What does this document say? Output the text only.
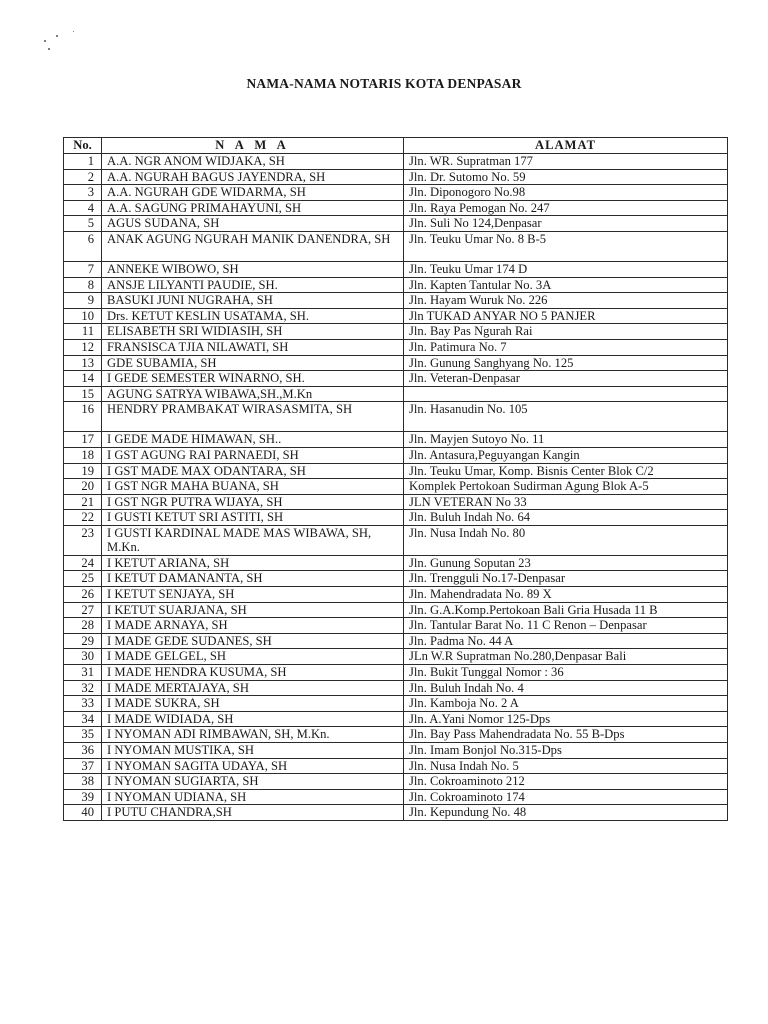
NAMA-NAMA NOTARIS KOTA DENPASAR
No.	N A M A	ALAMAT
1	A.A. NGR ANOM WIDJAKA, SH	Jln. WR. Supratman 177
2	A.A. NGURAH BAGUS JAYENDRA, SH	Jln. Dr. Sutomo No. 59
3	A.A. NGURAH GDE WIDARMA, SH	Jln. Diponogoro No.98
4	A.A. SAGUNG PRIMAHAYUNI, SH	Jln. Raya Pemogan No. 247
5	AGUS SUDANA, SH	Jln. Suli No 124,Denpasar
6	ANAK AGUNG NGURAH MANIK DANENDRA, SH	Jln. Teuku Umar No. 8 B-5
7	ANNEKE WIBOWO, SH	Jln. Teuku Umar 174 D
8	ANSJE LILYANTI PAUDIE, SH.	Jln. Kapten Tantular No. 3A
9	BASUKI JUNI NUGRAHA, SH	Jln. Hayam Wuruk No. 226
10	Drs. KETUT KESLIN USATAMA, SH.	Jln TUKAD ANYAR NO 5 PANJER
11	ELISABETH SRI WIDIASIH, SH	Jln. Bay Pas Ngurah Rai
12	FRANSISCA TJIA NILAWATI, SH	Jln. Patimura No. 7
13	GDE SUBAMIA, SH	Jln. Gunung Sanghyang No. 125
14	I GEDE SEMESTER WINARNO, SH.	Jln. Veteran-Denpasar
15	AGUNG SATRYA WIBAWA,SH.,M.Kn	
16	HENDRY PRAMBAKAT WIRASASMITA, SH	Jln. Hasanudin No. 105
17	I GEDE MADE HIMAWAN, SH..	Jln. Mayjen Sutoyo No. 11
18	I GST AGUNG RAI PARNAEDI, SH	Jln. Antasura,Peguyangan Kangin
19	I GST MADE MAX ODANTARA, SH	Jln. Teuku Umar, Komp. Bisnis Center Blok C/2
20	I GST NGR MAHA BUANA, SH	Komplek Pertokoan Sudirman Agung Blok A-5
21	I GST NGR PUTRA WIJAYA, SH	JLN VETERAN No 33
22	I GUSTI KETUT SRI ASTITI, SH	Jln. Buluh Indah No. 64
23	I GUSTI KARDINAL MADE MAS WIBAWA, SH, M.Kn.	Jln. Nusa Indah No. 80
24	I KETUT ARIANA, SH	Jln. Gunung Soputan 23
25	I KETUT DAMANANTA, SH	Jln. Trengguli No.17-Denpasar
26	I KETUT SENJAYA, SH	Jln. Mahendradata No. 89 X
27	I KETUT SUARJANA, SH	Jln. G.A.Komp.Pertokoan Bali Gria Husada 11 B
28	I MADE ARNAYA, SH	Jln. Tantular Barat No. 11 C Renon – Denpasar
29	I MADE GEDE SUDANES, SH	Jln. Padma No. 44 A
30	I MADE GELGEL, SH	JLn W.R Supratman No.280,Denpasar Bali
31	I MADE HENDRA KUSUMA, SH	Jln. Bukit Tunggal Nomor : 36
32	I MADE MERTAJAYA, SH	Jln. Buluh Indah No. 4
33	I MADE SUKRA, SH	Jln. Kamboja No. 2 A
34	I MADE WIDIADA, SH	Jln. A.Yani Nomor 125-Dps
35	I NYOMAN ADI RIMBAWAN, SH, M.Kn.	Jln. Bay Pass Mahendradata No. 55 B-Dps
36	I NYOMAN MUSTIKA, SH	Jln. Imam Bonjol No.315-Dps
37	I NYOMAN SAGITA UDAYA, SH	Jln. Nusa Indah No. 5
38	I NYOMAN SUGIARTA, SH	Jln. Cokroaminoto 212
39	I NYOMAN UDIANA, SH	Jln. Cokroaminoto 174
40	I PUTU CHANDRA,SH	Jln. Kepundung No. 48
